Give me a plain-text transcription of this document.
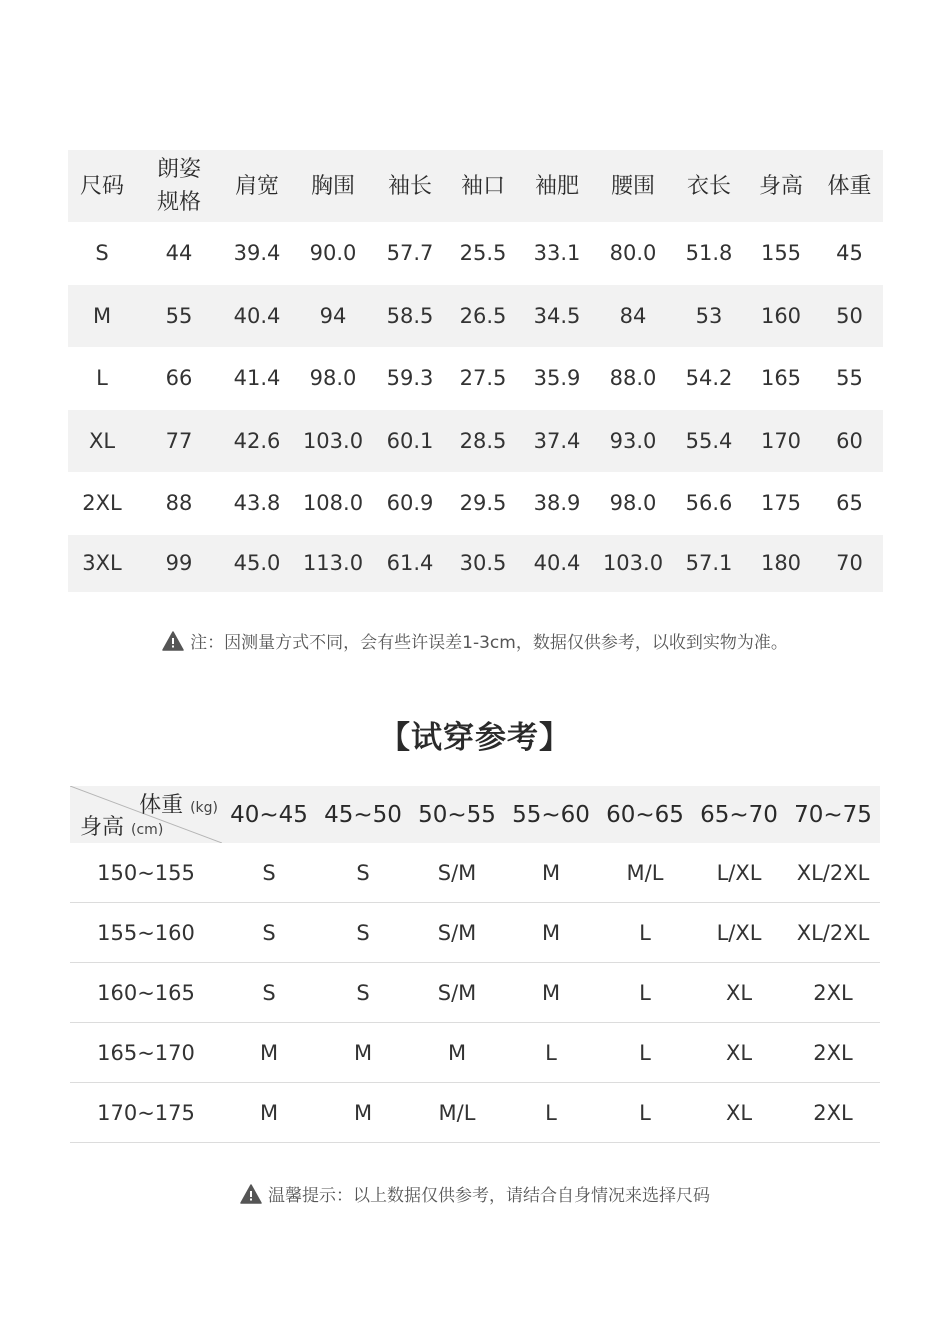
尺码	朗姿规格	肩宽	胸围	袖长	袖口	袖肥	腰围	衣长	身高	体重
S	44	39.4	90.0	57.7	25.5	33.1	80.0	51.8	155	45
M	55	40.4	94	58.5	26.5	34.5	84	53	160	50
L	66	41.4	98.0	59.3	27.5	35.9	88.0	54.2	165	55
XL	77	42.6	103.0	60.1	28.5	37.4	93.0	55.4	170	60
2XL	88	43.8	108.0	60.9	29.5	38.9	98.0	56.6	175	65
3XL	99	45.0	113.0	61.4	30.5	40.4	103.0	57.1	180	70
注：因测量方式不同，会有些许误差1-3cm，数据仅供参考，以收到实物为准。
【试穿参考】
体重 (kg)
身高 (cm)	40~45	45~50	50~55	55~60	60~65	65~70	70~75
150~155	S	S	S/M	M	M/L	L/XL	XL/2XL
155~160	S	S	S/M	M	L	L/XL	XL/2XL
160~165	S	S	S/M	M	L	XL	2XL
165~170	M	M	M	L	L	XL	2XL
170~175	M	M	M/L	L	L	XL	2XL
温馨提示：以上数据仅供参考，请结合自身情况来选择尺码
